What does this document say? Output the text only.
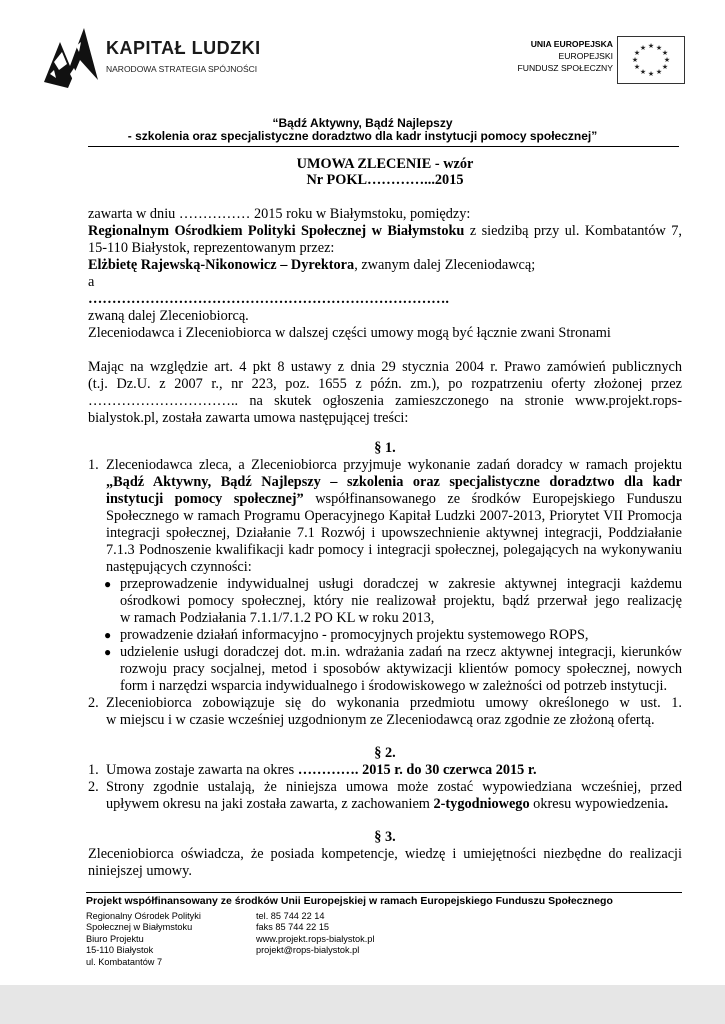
KAPITAŁ LUDZKI
NARODOWA STRATEGIA SPÓJNOŚCI
UNIA EUROPEJSKA
EUROPEJSKI
FUNDUSZ SPOŁECZNY
★ ★
★
★
★
★
★
★
★
★
★
★
“Bądź Aktywny, Bądź Najlepszy
- szkolenia oraz specjalistyczne doradztwo dla kadr instytucji pomocy społecznej”
UMOWA ZLECENIE - wzór
Nr POKL…………...2015
zawarta w dniu …………… 2015 roku w Białymstoku, pomiędzy:
Regionalnym Ośrodkiem Polityki Społecznej w Białymstoku z siedzibą przy ul. Kombatantów 7,
15-110 Białystok, reprezentowanym przez:
Elżbietę Rajewską-Nikonowicz – Dyrektora, zwanym dalej Zleceniodawcą;
a
………………………………………………………………….
zwaną dalej Zleceniobiorcą.
Zleceniodawca i Zleceniobiorca w dalszej części umowy mogą być łącznie zwani Stronami
Mając na względzie art. 4 pkt 8 ustawy z dnia 29 stycznia 2004 r. Prawo zamówień publicznych
(t.j. Dz.U. z 2007 r., nr 223, poz. 1655 z późn. zm.), po rozpatrzeniu oferty złożonej przez
………………………….. na skutek ogłoszenia zamieszczonego na stronie www.projekt.rops-
bialystok.pl, została zawarta umowa następującej treści:
§ 1.
1. Zleceniodawca zleca, a Zleceniobiorca przyjmuje wykonanie zadań doradcy w ramach projektu
„Bądź Aktywny, Bądź Najlepszy – szkolenia oraz specjalistyczne doradztwo dla kadr
instytucji pomocy społecznej” współfinansowanego ze środków Europejskiego Funduszu
Społecznego w ramach Programu Operacyjnego Kapitał Ludzki 2007-2013, Priorytet VII Promocja
integracji społecznej, Działanie 7.1 Rozwój i upowszechnienie aktywnej integracji, Poddziałanie
7.1.3 Podnoszenie kwalifikacji kadr pomocy i integracji społecznej, polegających na wykonywaniu
następujących czynności:
● przeprowadzenie indywidualnej usługi doradczej w zakresie aktywnej integracji każdemu
ośrodkowi pomocy społecznej, który nie realizował projektu, bądź przerwał jego realizację
w ramach Podziałania 7.1.1/7.1.2 PO KL w roku 2013,
● prowadzenie działań informacyjno - promocyjnych projektu systemowego ROPS,
● udzielenie usługi doradczej dot. m.in. wdrażania zadań na rzecz aktywnej integracji, kierunków
rozwoju pracy socjalnej, metod i sposobów aktywizacji klientów pomocy społecznej, nowych
form i narzędzi wsparcia indywidualnego i środowiskowego w zależności od potrzeb instytucji.
2. Zleceniobiorca zobowiązuje się do wykonania przedmiotu umowy określonego w ust. 1.
w miejscu i w czasie wcześniej uzgodnionym ze Zleceniodawcą oraz zgodnie ze złożoną ofertą.
§ 2.
1. Umowa zostaje zawarta na okres …………. 2015 r. do 30 czerwca 2015 r.
2. Strony zgodnie ustalają, że niniejsza umowa może zostać wypowiedziana wcześniej, przed
upływem okresu na jaki została zawarta, z zachowaniem 2-tygodniowego okresu wypowiedzenia.
§ 3.
Zleceniobiorca oświadcza, że posiada kompetencje, wiedzę i umiejętności niezbędne do realizacji
niniejszej umowy.
Projekt współfinansowany ze środków Unii Europejskiej w ramach Europejskiego Funduszu Społecznego
Regionalny Ośrodek Polityki
Społecznej w Białymstoku
Biuro Projektu
15-110 Białystok
ul. Kombatantów 7
tel. 85 744 22 14
faks 85 744 22 15
www.projekt.rops-bialystok.pl
projekt@rops-bialystok.pl
